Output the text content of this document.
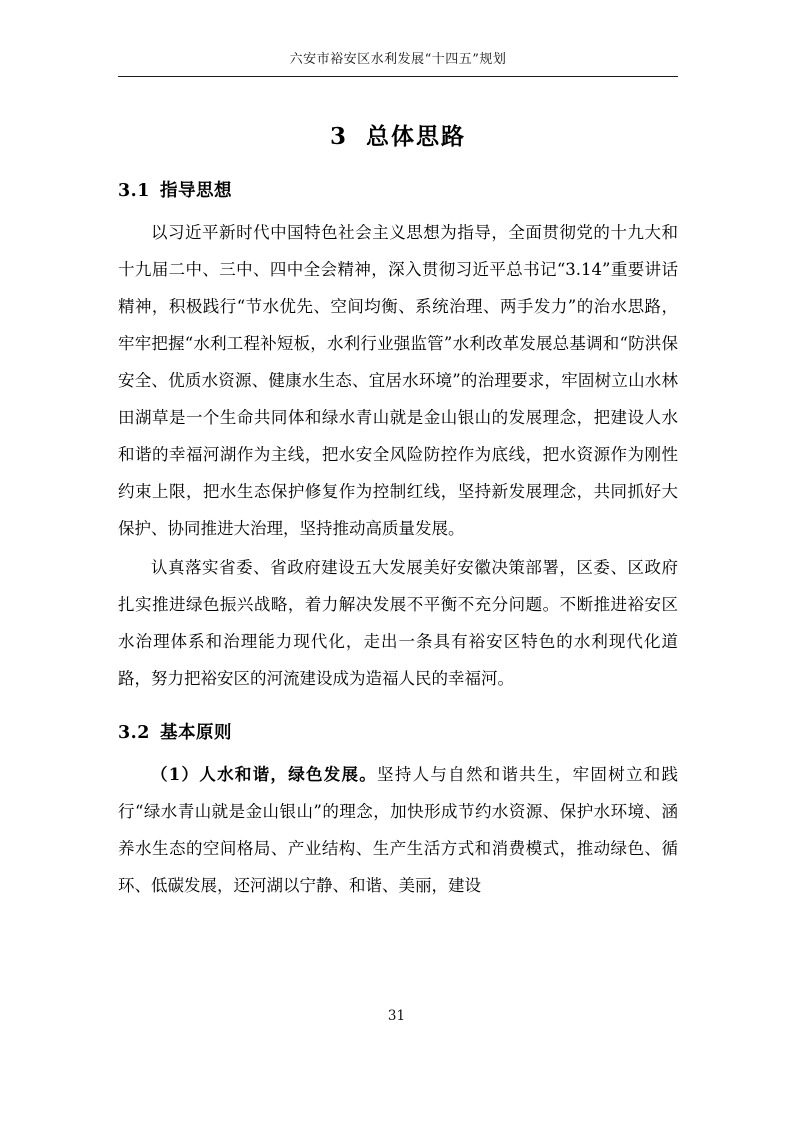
六安市裕安区水利发展“十四五”规划
3 总体思路
3.1 指导思想

以习近平新时代中国特色社会主义思想为指导，全面贯彻党的十九大和十九届二中、三中、四中全会精神，深入贯彻习近平总书记“3.14”重要讲话精神，积极践行“节水优先、空间均衡、系统治理、两手发力”的治水思路，牢牢把握“水利工程补短板，水利行业强监管”水利改革发展总基调和“防洪保安全、优质水资源、健康水生态、宜居水环境”的治理要求，牢固树立山水林田湖草是一个生命共同体和绿水青山就是金山银山的发展理念，把建设人水和谐的幸福河湖作为主线，把水安全风险防控作为底线，把水资源作为刚性约束上限，把水生态保护修复作为控制红线，坚持新发展理念，共同抓好大保护、协同推进大治理，坚持推动高质量发展。

认真落实省委、省政府建设五大发展美好安徽决策部署，区委、区政府扎实推进绿色振兴战略，着力解决发展不平衡不充分问题。不断推进裕安区水治理体系和治理能力现代化，走出一条具有裕安区特色的水利现代化道路，努力把裕安区的河流建设成为造福人民的幸福河。

3.2 基本原则

（1）人水和谐，绿色发展。坚持人与自然和谐共生，牢固树立和践行“绿水青山就是金山银山”的理念，加快形成节约水资源、保护水环境、涵养水生态的空间格局、产业结构、生产生活方式和消费模式，推动绿色、循环、低碳发展，还河湖以宁静、和谐、美丽，建设

31
